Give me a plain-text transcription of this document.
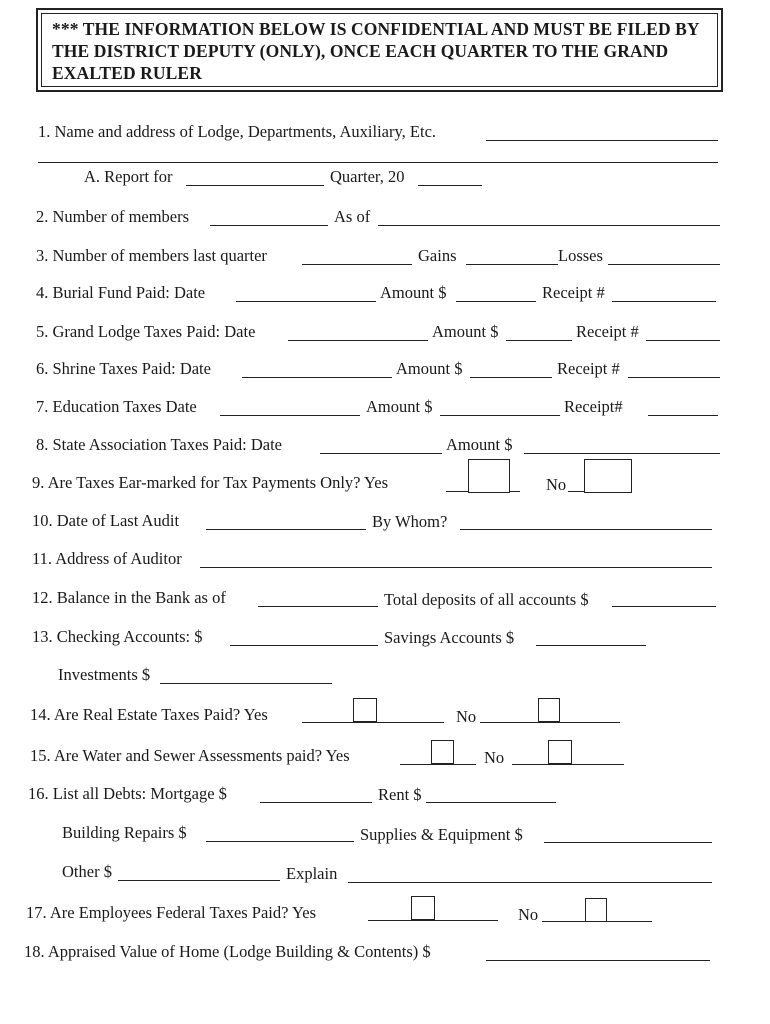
*** THE INFORMATION BELOW IS CONFIDENTIAL AND MUST BE FILED BY
THE DISTRICT DEPUTY (ONLY), ONCE EACH QUARTER TO THE GRAND
EXALTED RULER
1. Name and address of Lodge, Departments, Auxiliary, Etc.
A. Report for	Quarter, 20
2. Number of members	As of
3. Number of members last quarter	Gains	Losses
4. Burial Fund Paid: Date	Amount $	Receipt #
5. Grand Lodge Taxes Paid: Date	Amount $	Receipt #
6. Shrine Taxes Paid: Date	Amount $	Receipt #
7. Education Taxes Date	Amount $	Receipt#
8. State Association Taxes Paid: Date	Amount $
9. Are Taxes Ear-marked for Tax Payments Only? Yes	No
10. Date of Last Audit	By Whom?
11. Address of Auditor
12. Balance in the Bank as of	Total deposits of all accounts $
13. Checking Accounts: $	Savings Accounts $
Investments $
14. Are Real Estate Taxes Paid? Yes	No
15. Are Water and Sewer Assessments paid? Yes	No
16. List all Debts: Mortgage $	Rent $
Building Repairs $	Supplies & Equipment $
Other $	Explain
17. Are Employees Federal Taxes Paid? Yes	No
18. Appraised Value of Home (Lodge Building & Contents) $
